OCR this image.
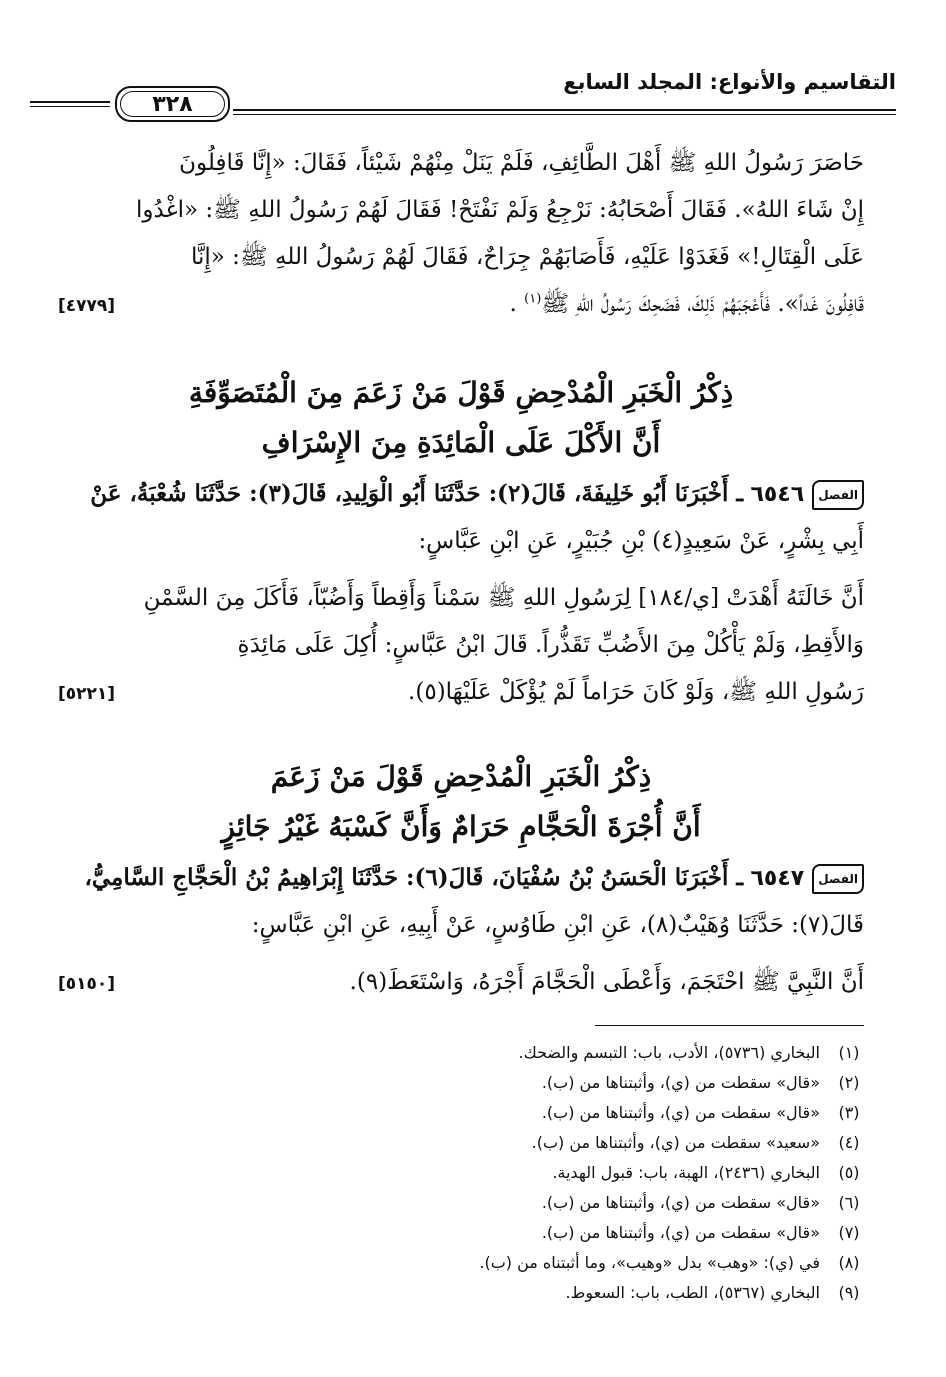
التقاسيم والأنواع: المجلد السابع
٣٢٨

حَاصَرَ رَسُولُ اللهِ ﷺ أَهْلَ الطَّائِفِ، فَلَمْ يَنَلْ مِنْهُمْ شَيْئاً، فَقَالَ: «إِنَّا قَافِلُونَ

إِنْ شَاءَ اللهُ». فَقَالَ أَصْحَابُهُ: نَرْجِعُ وَلَمْ نَفْتَحْ! فَقَالَ لَهُمْ رَسُولُ اللهِ ﷺ: «اغْدُوا

عَلَى الْقِتَالِ!» فَغَدَوْا عَلَيْهِ، فَأَصَابَهُمْ جِرَاحٌ، فَقَالَ لَهُمْ رَسُولُ اللهِ ﷺ: «إِنَّا

قَافِلُونَ غَداً». فَأَعْجَبَهُمْ ذَلِكَ، فَضَحِكَ رَسُولُ اللهِ ﷺ$^{(١)}$ .
[٤٧٧٩]

ذِكْرُ الْخَبَرِ الْمُدْحِضِ قَوْلَ مَنْ زَعَمَ مِنَ الْمُتَصَوِّفَةِ
أَنَّ الأَكْلَ عَلَى الْمَائِدَةِ مِنَ الإِسْرَافِ

الفصل٦٥٤٦ ـ أَخْبَرَنَا أَبُو خَلِيفَةَ، قَالَ(٢): حَدَّثَنَا أَبُو الْوَلِيدِ، قَالَ(٣): حَدَّثَنَا شُعْبَةُ، عَنْ

أَبِي بِشْرٍ، عَنْ سَعِيدٍ(٤) بْنِ جُبَيْرٍ، عَنِ ابْنِ عَبَّاسٍ:

أَنَّ خَالَتَهُ أَهْدَتْ [ي/١٨٤] لِرَسُولِ اللهِ ﷺ سَمْناً وَأَقِطاً وَأَضُبّاً، فَأَكَلَ مِنَ السَّمْنِ

وَالأَقِطِ، وَلَمْ يَأْكُلْ مِنَ الأَضُبِّ تَقَذُّراً. قَالَ ابْنُ عَبَّاسٍ: أُكِلَ عَلَى مَائِدَةِ

رَسُولِ اللهِ ﷺ، وَلَوْ كَانَ حَرَاماً لَمْ يُؤْكَلْ عَلَيْهَا(٥).
[٥٢٢١]

ذِكْرُ الْخَبَرِ الْمُدْحِضِ قَوْلَ مَنْ زَعَمَ
أَنَّ أُجْرَةَ الْحَجَّامِ حَرَامٌ وَأَنَّ كَسْبَهُ غَيْرُ جَائِزٍ

الفصل٦٥٤٧ ـ أَخْبَرَنَا الْحَسَنُ بْنُ سُفْيَانَ، قَالَ(٦): حَدَّثَنَا إِبْرَاهِيمُ بْنُ الْحَجَّاجِ السَّامِيُّ،

قَالَ(٧): حَدَّثَنَا وُهَيْبٌ(٨)، عَنِ ابْنِ طَاوُسٍ، عَنْ أَبِيهِ، عَنِ ابْنِ عَبَّاسٍ:

أَنَّ النَّبِيَّ ﷺ احْتَجَمَ، وَأَعْطَى الْحَجَّامَ أَجْرَهُ، وَاسْتَعَطَ(٩).
[٥١٥٠]

(١)
البخاري (٥٧٣٦)، الأدب، باب: التبسم والضحك.
(٢)
«قال» سقطت من (ي)، وأثبتناها من (ب).
(٣)
«قال» سقطت من (ي)، وأثبتناها من (ب).
(٤)
«سعيد» سقطت من (ي)، وأثبتناها من (ب).
(٥)
البخاري (٢٤٣٦)، الهبة، باب: قبول الهدية.
(٦)
«قال» سقطت من (ي)، وأثبتناها من (ب).
(٧)
«قال» سقطت من (ي)، وأثبتناها من (ب).
(٨)
في (ي): «وهب» بدل «وهيب»، وما أثبتناه من (ب).
(٩)
البخاري (٥٣٦٧)، الطب، باب: السعوط.
